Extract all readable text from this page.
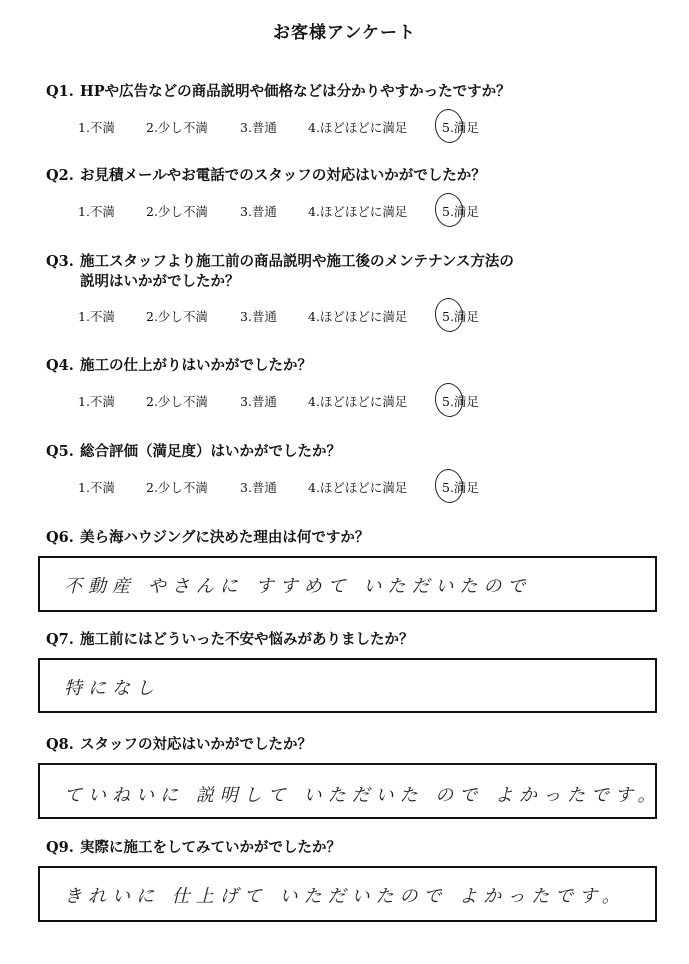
お客様アンケート
Q1. HPや広告などの商品説明や価格などは分かりやすかったですか？
1.不満 2.少し不満	3.普通 4.ほどほどに満足	5.満足
Q2. お見積メールやお電話でのスタッフの対応はいかがでしたか？
1.不満 2.少し不満	3.普通 4.ほどほどに満足	5.満足
Q3. 施工スタッフより施工前の商品説明や施工後のメンテナンス方法の
説明はいかがでしたか？
1.不満 2.少し不満	3.普通 4.ほどほどに満足	5.満足
Q4. 施工の仕上がりはいかがでしたか？
1.不満 2.少し不満	3.普通 4.ほどほどに満足	5.満足
Q5. 総合評価（満足度）はいかがでしたか？
1.不満 2.少し不満	3.普通 4.ほどほどに満足	5.満足
Q6. 美ら海ハウジングに決めた理由は何ですか？
不動産 やさんに すすめて いただいたので
Q7. 施工前にはどういった不安や悩みがありましたか？
特になし
Q8. スタッフの対応はいかがでしたか？
ていねいに 説明して いただいた ので よかったです。
Q9. 実際に施工をしてみていかがでしたか？
きれいに 仕上げて いただいたので よかったです。
